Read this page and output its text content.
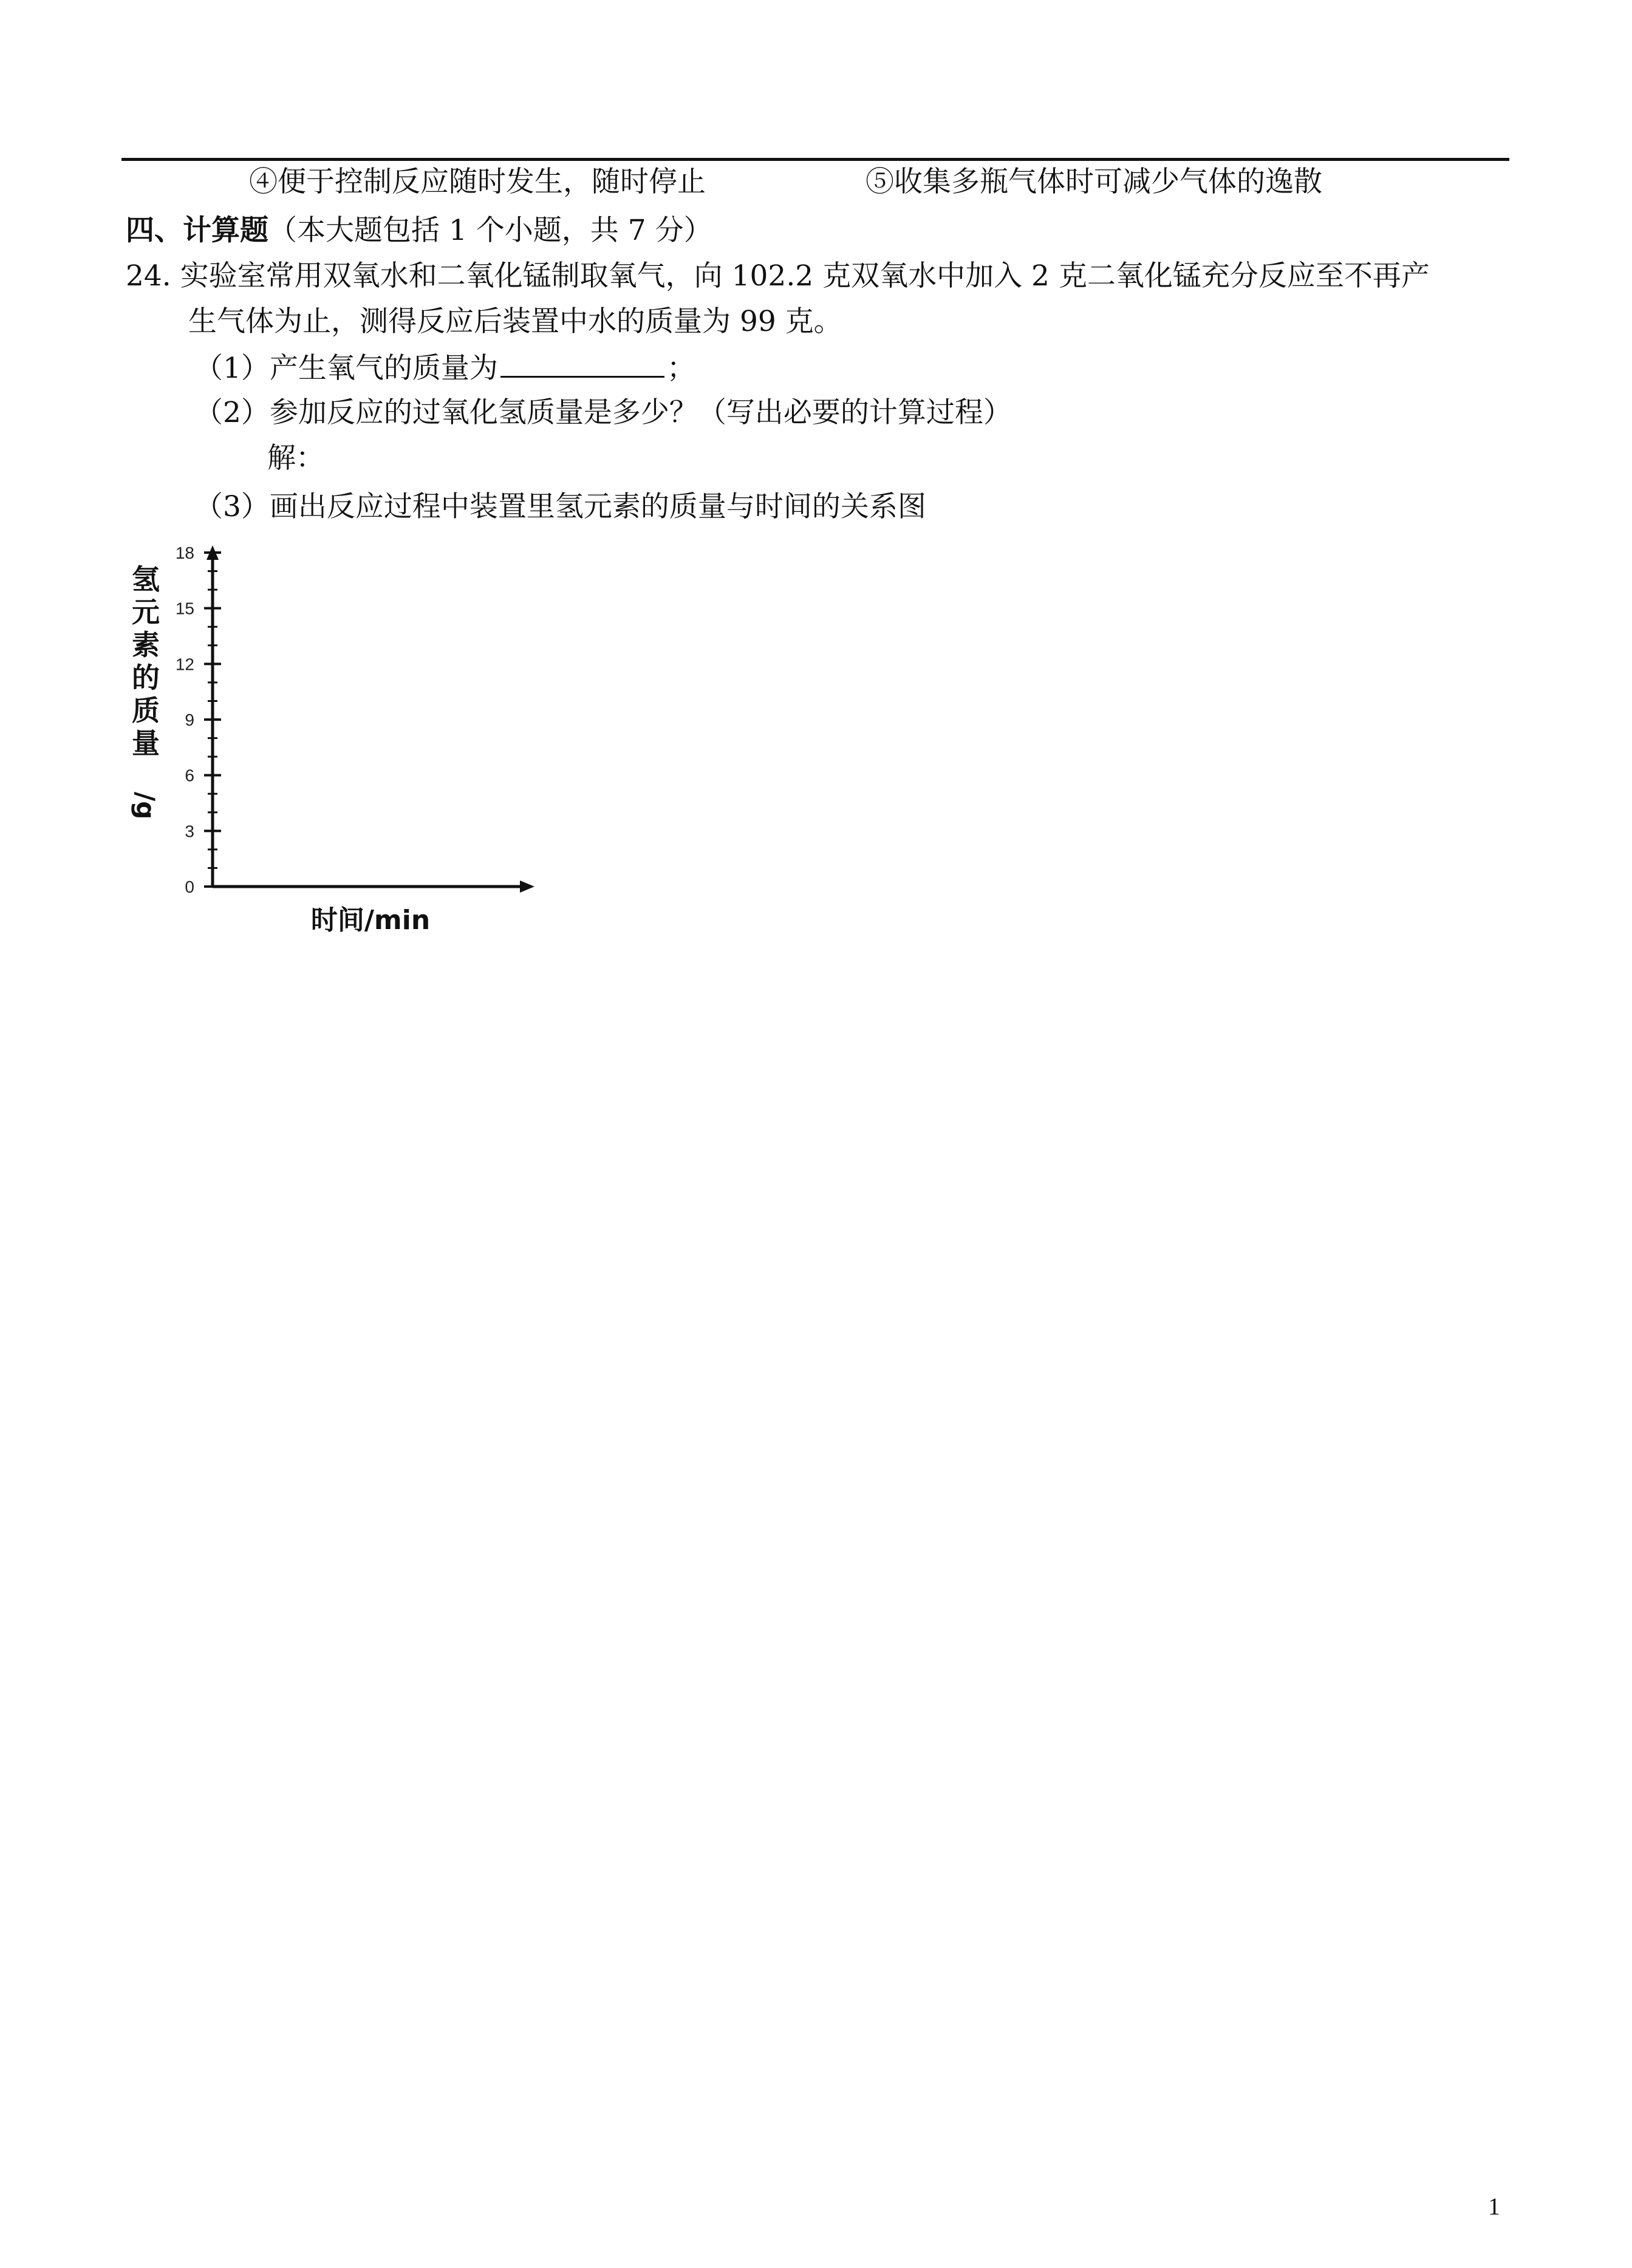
④便于控制反应随时发生，随时停止	⑤收集多瓶气体时可减少气体的逸散
四、计算题（本大题包括 1 个小题，共 7 分）
24. 实验室常用双氧水和二氧化锰制取氧气，向 102.2 克双氧水中加入 2 克二氧化锰充分反应至不再产
生气体为止，测得反应后装置中水的质量为 99 克。
（1）产生氧气的质量为	；
（2）参加反应的过氧化氢质量是多少？（写出必要的计算过程）
解：
（3）画出反应过程中装置里氢元素的质量与时间的关系图
氢
元
素
的
质
量
/g
0
3
6
9
12
15
18
时间/min
1
